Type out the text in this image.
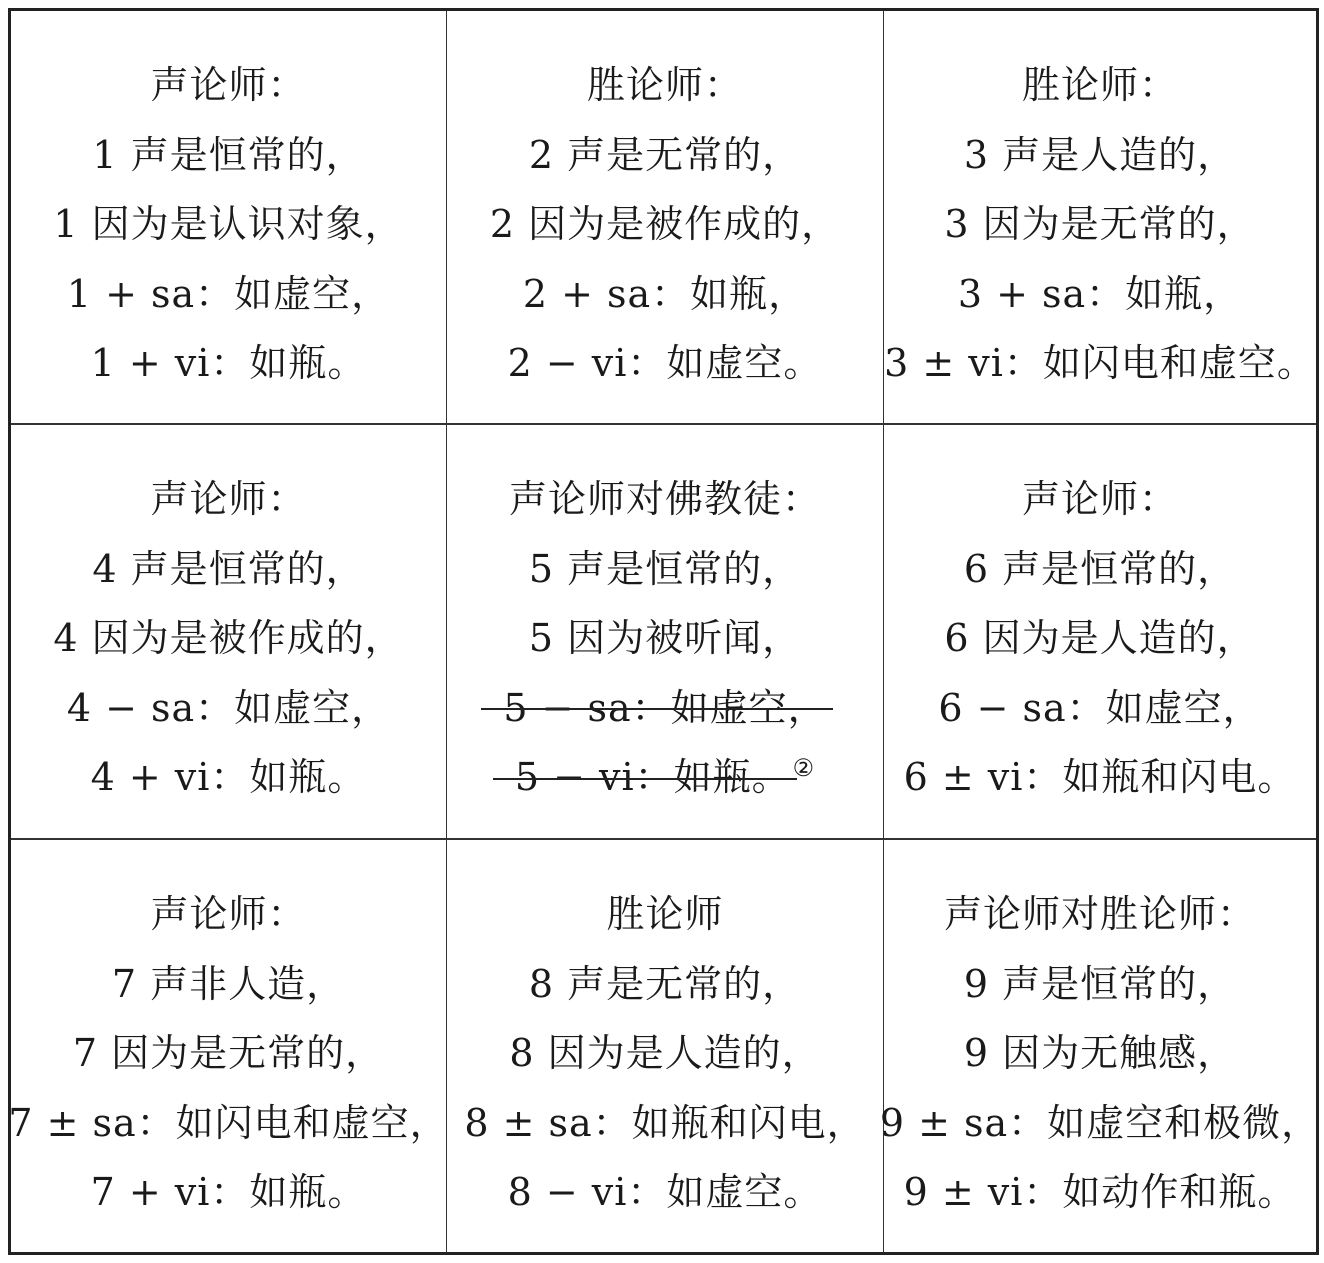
声论师：
1 声是恒常的，
1 因为是认识对象，
1 + sa：如虚空，
1 + vi：如瓶。
胜论师：
2 声是无常的，
2 因为是被作成的，
2 + sa：如瓶，
2 − vi：如虚空。
胜论师：
3 声是人造的，
3 因为是无常的，
3 + sa：如瓶，
3 ± vi：如闪电和虚空。
声论师：
4 声是恒常的，
4 因为是被作成的，
4 − sa：如虚空，
4 + vi：如瓶。
声论师对佛教徒：
5 声是恒常的，
5 因为被听闻，
5 − sa：如虚空，
5 − vi：如瓶。②
声论师：
6 声是恒常的，
6 因为是人造的，
6 − sa：如虚空，
6 ± vi：如瓶和闪电。
声论师：
7 声非人造，
7 因为是无常的，
7 ± sa：如闪电和虚空，
7 + vi：如瓶。
胜论师
8 声是无常的，
8 因为是人造的，
8 ± sa：如瓶和闪电，
8 − vi：如虚空。
声论师对胜论师：
9 声是恒常的，
9 因为无触感，
9 ± sa：如虚空和极微，
9 ± vi：如动作和瓶。
